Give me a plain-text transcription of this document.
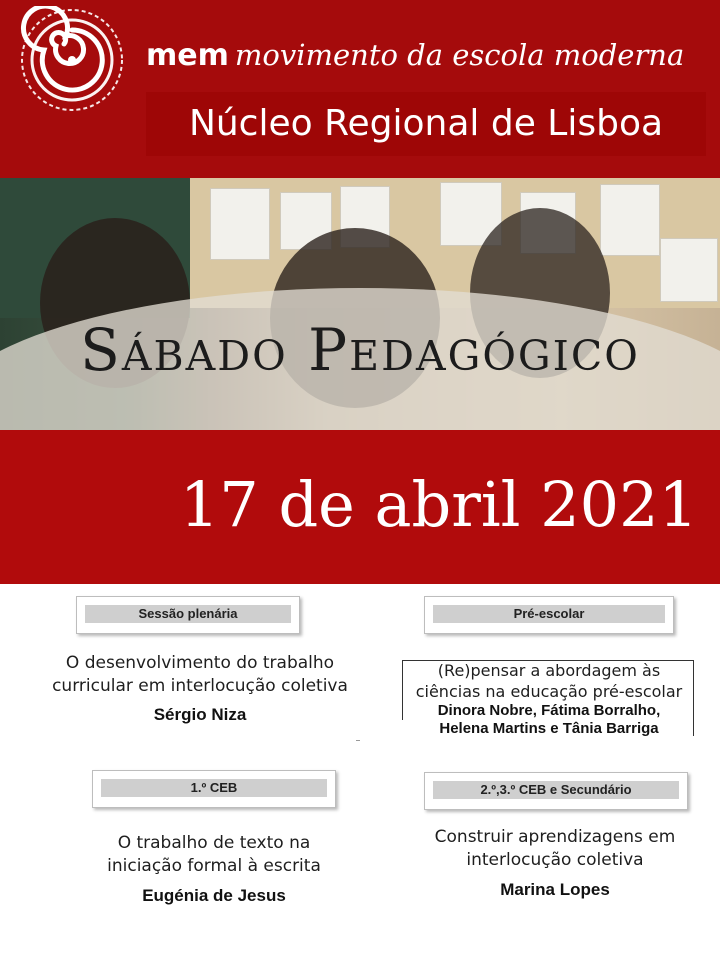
mem movimento da escola moderna
Núcleo Regional de Lisboa
Sábado Pedagógico
17 de abril 2021
Sessão plenária
O desenvolvimento do trabalho
curricular em interlocução coletiva
Sérgio Niza
Pré-escolar
(Re)pensar a abordagem às
ciências na educação pré-escolar
Dinora Nobre, Fátima Borralho,
Helena Martins e Tânia Barriga
1.º CEB
O trabalho de texto na
iniciação formal à escrita
Eugénia de Jesus
2.º,3.º CEB e Secundário
Construir aprendizagens em
interlocução coletiva
Marina Lopes
